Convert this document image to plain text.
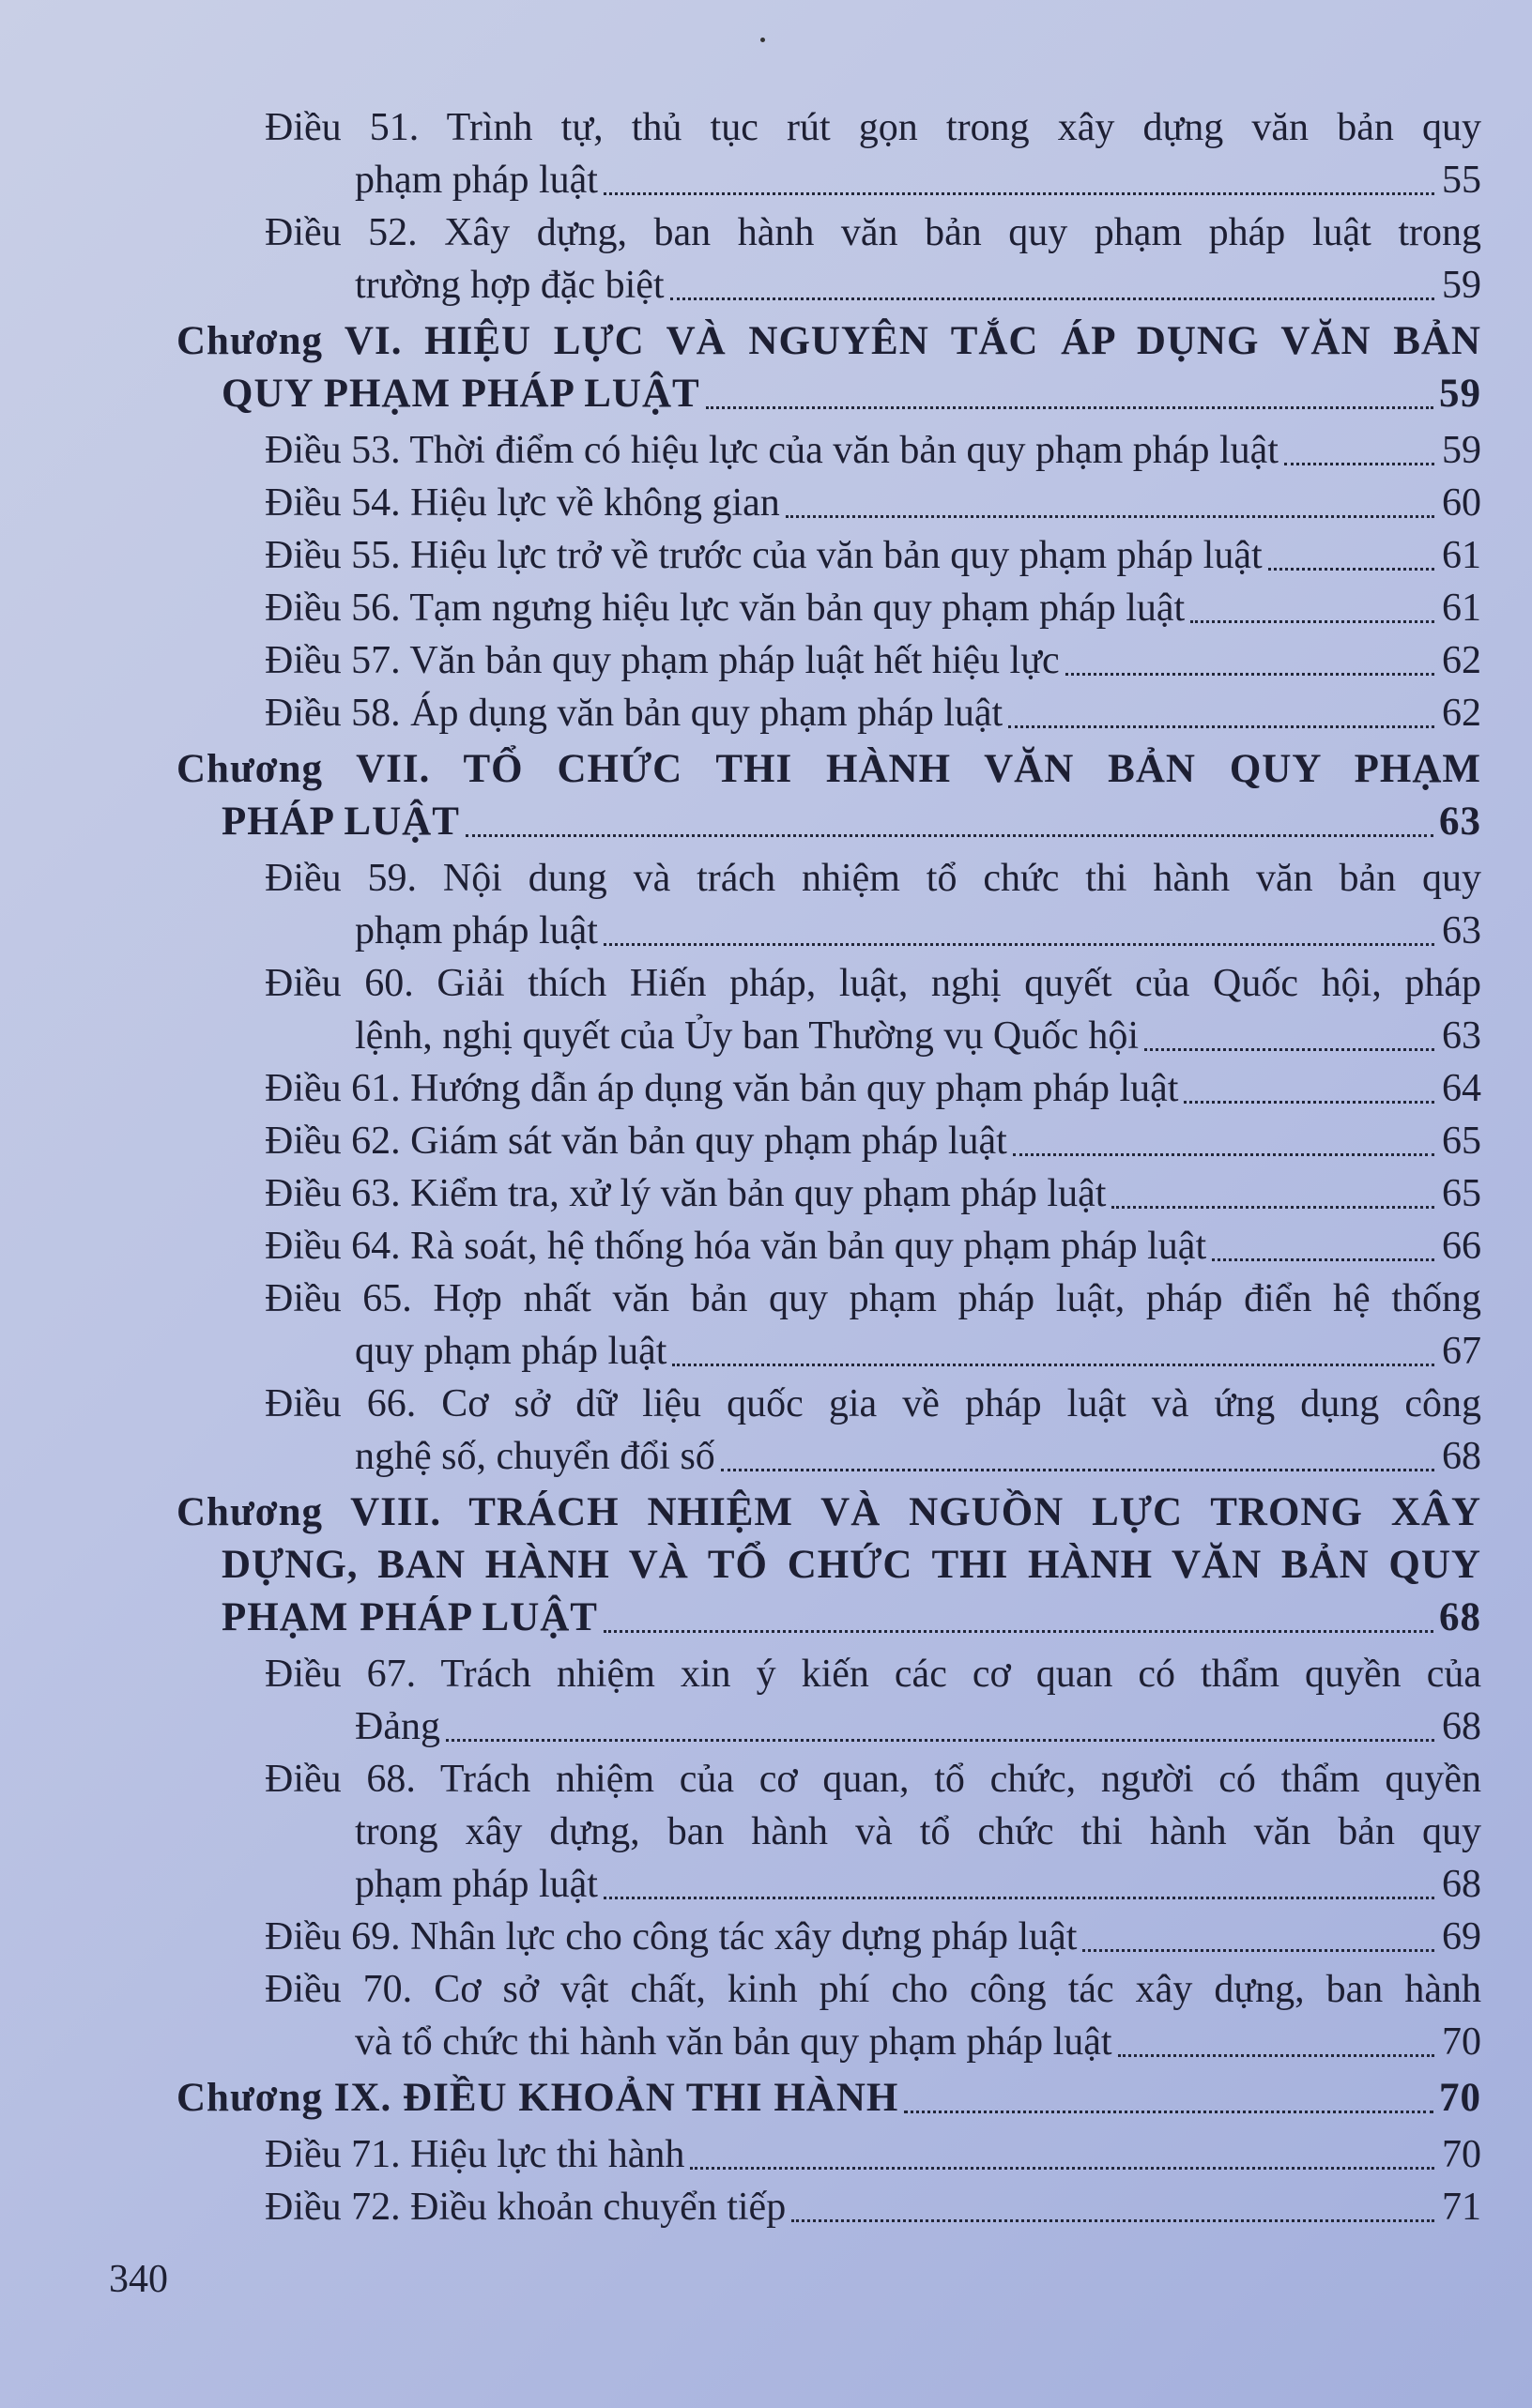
Điều 51. Trình tự, thủ tục rút gọn trong xây dựng văn bản quy
phạm pháp luật	55
Điều 52. Xây dựng, ban hành văn bản quy phạm pháp luật trong
trường hợp đặc biệt	59
Chương VI. HIỆU LỰC VÀ NGUYÊN TẮC ÁP DỤNG VĂN BẢN
QUY PHẠM PHÁP LUẬT	59
Điều 53. Thời điểm có hiệu lực của văn bản quy phạm pháp luật	59
Điều 54. Hiệu lực về không gian	60
Điều 55. Hiệu lực trở về trước của văn bản quy phạm pháp luật	61
Điều 56. Tạm ngưng hiệu lực văn bản quy phạm pháp luật	61
Điều 57. Văn bản quy phạm pháp luật hết hiệu lực	62
Điều 58. Áp dụng văn bản quy phạm pháp luật	62
Chương VII. TỔ CHỨC THI HÀNH VĂN BẢN QUY PHẠM
PHÁP LUẬT	63
Điều 59. Nội dung và trách nhiệm tổ chức thi hành văn bản quy
phạm pháp luật	63
Điều 60. Giải thích Hiến pháp, luật, nghị quyết của Quốc hội, pháp
lệnh, nghị quyết của Ủy ban Thường vụ Quốc hội	63
Điều 61. Hướng dẫn áp dụng văn bản quy phạm pháp luật	64
Điều 62. Giám sát văn bản quy phạm pháp luật	65
Điều 63. Kiểm tra, xử lý văn bản quy phạm pháp luật	65
Điều 64. Rà soát, hệ thống hóa văn bản quy phạm pháp luật	66
Điều 65. Hợp nhất văn bản quy phạm pháp luật, pháp điển hệ thống
quy phạm pháp luật	67
Điều 66. Cơ sở dữ liệu quốc gia về pháp luật và ứng dụng công
nghệ số, chuyển đổi số	68
Chương VIII. TRÁCH NHIỆM VÀ NGUỒN LỰC TRONG XÂY
DỰNG, BAN HÀNH VÀ TỔ CHỨC THI HÀNH VĂN BẢN QUY
PHẠM PHÁP LUẬT	68
Điều 67. Trách nhiệm xin ý kiến các cơ quan có thẩm quyền của
Đảng	68
Điều 68. Trách nhiệm của cơ quan, tổ chức, người có thẩm quyền
trong xây dựng, ban hành và tổ chức thi hành văn bản quy
phạm pháp luật	68
Điều 69. Nhân lực cho công tác xây dựng pháp luật	69
Điều 70. Cơ sở vật chất, kinh phí cho công tác xây dựng, ban hành
và tổ chức thi hành văn bản quy phạm pháp luật	70
Chương IX. ĐIỀU KHOẢN THI HÀNH	70
Điều 71. Hiệu lực thi hành	70
Điều 72. Điều khoản chuyển tiếp	71
340
